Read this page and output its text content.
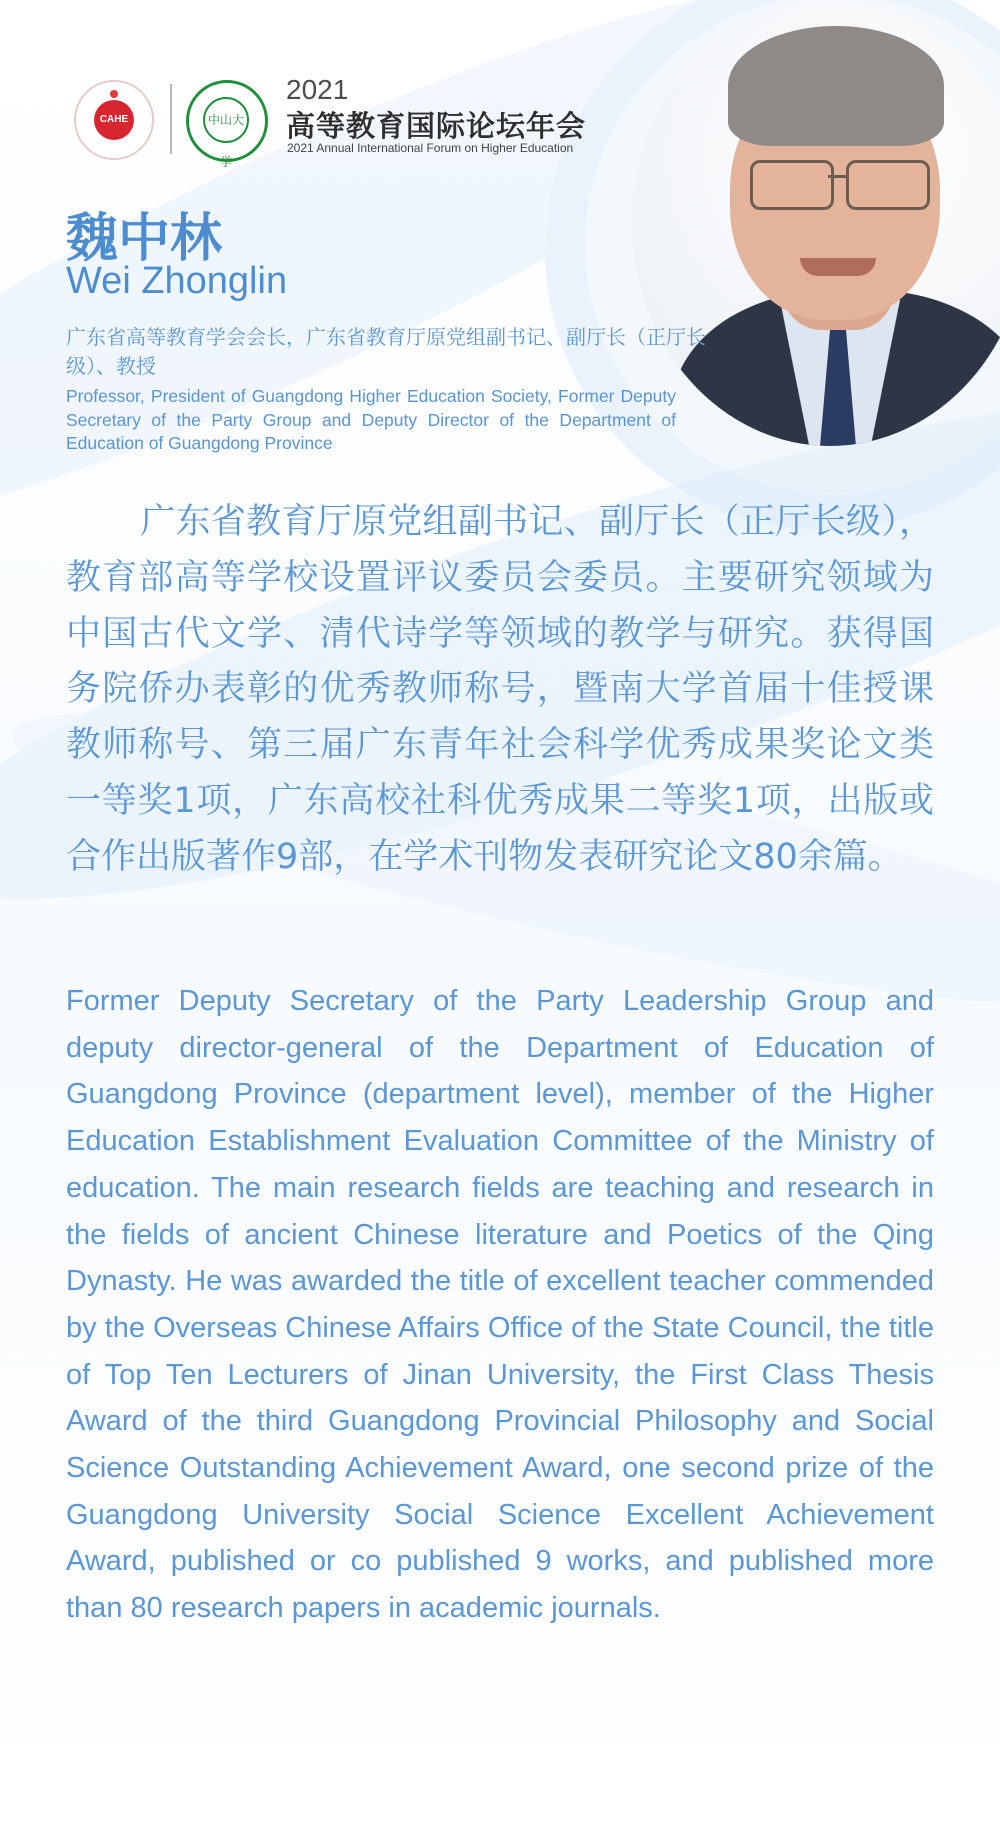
CAHE	中山大学
2021
高等教育国际论坛年会
2021 Annual International Forum on Higher Education
魏中林
Wei Zhonglin
广东省高等教育学会会长，广东省教育厅原党组副书记、副厅长（正厅长级）、教授
Professor, President of Guangdong Higher Education Society, Former Deputy Secretary of the Party Group and Deputy Director of the Department of Education of Guangdong Province

广东省教育厅原党组副书记、副厅长（正厅长级），教育部高等学校设置评议委员会委员。主要研究领域为中国古代文学、清代诗学等领域的教学与研究。获得国务院侨办表彰的优秀教师称号，暨南大学首届十佳授课教师称号、第三届广东青年社会科学优秀成果奖论文类一等奖1项，广东高校社科优秀成果二等奖1项，出版或合作出版著作9部，在学术刊物发表研究论文80余篇。

Former Deputy Secretary of the Party Leadership Group and deputy director-general of the Department of Education of Guangdong Province (department level), member of the Higher Education Establishment Evaluation Committee of the Ministry of education. The main research fields are teaching and research in the fields of ancient Chinese literature and Poetics of the Qing Dynasty. He was awarded the title of excellent teacher commended by the Overseas Chinese Affairs Office of the State Council, the title of Top Ten Lecturers of Jinan University, the First Class Thesis Award of the third Guangdong Provincial Philosophy and Social Science Outstanding Achievement Award, one second prize of the Guangdong University Social Science Excellent Achievement Award, published or co published 9 works, and published more than 80 research papers in academic journals.
